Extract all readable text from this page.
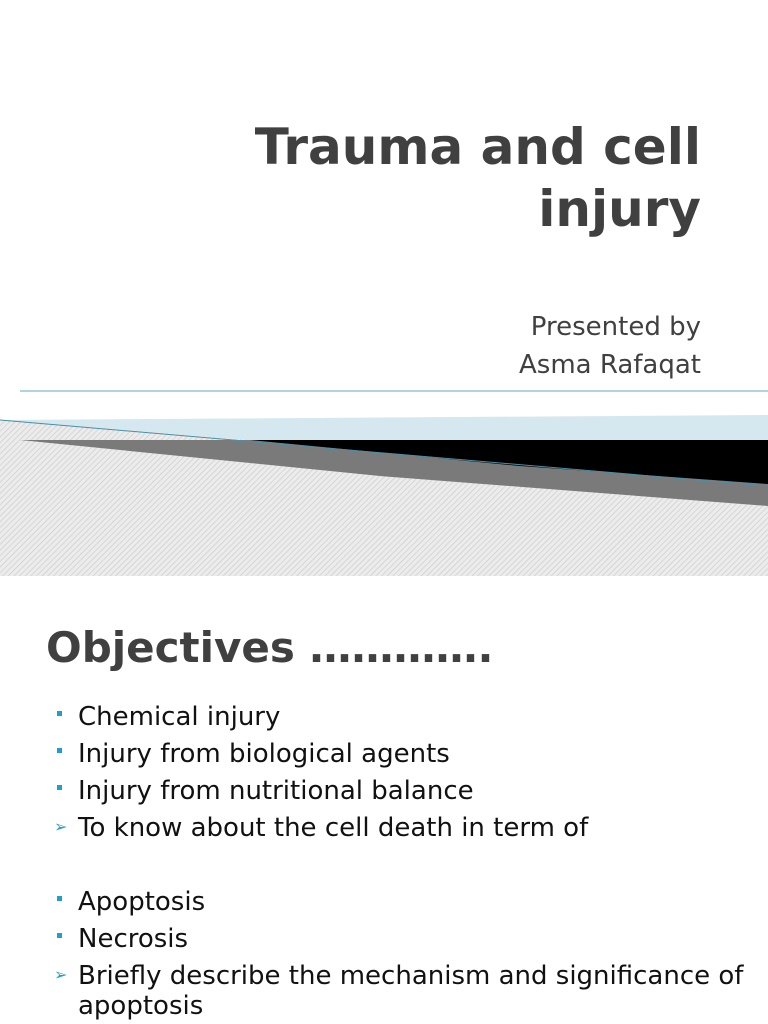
Trauma and cell
injury
Presented by
Asma Rafaqat
Objectives ………….
Chemical injury
Injury from biological agents
Injury from nutritional balance
➢ To know about the cell death in term of
Apoptosis
Necrosis
➢ Briefly describe the mechanism and significance of apoptosis
